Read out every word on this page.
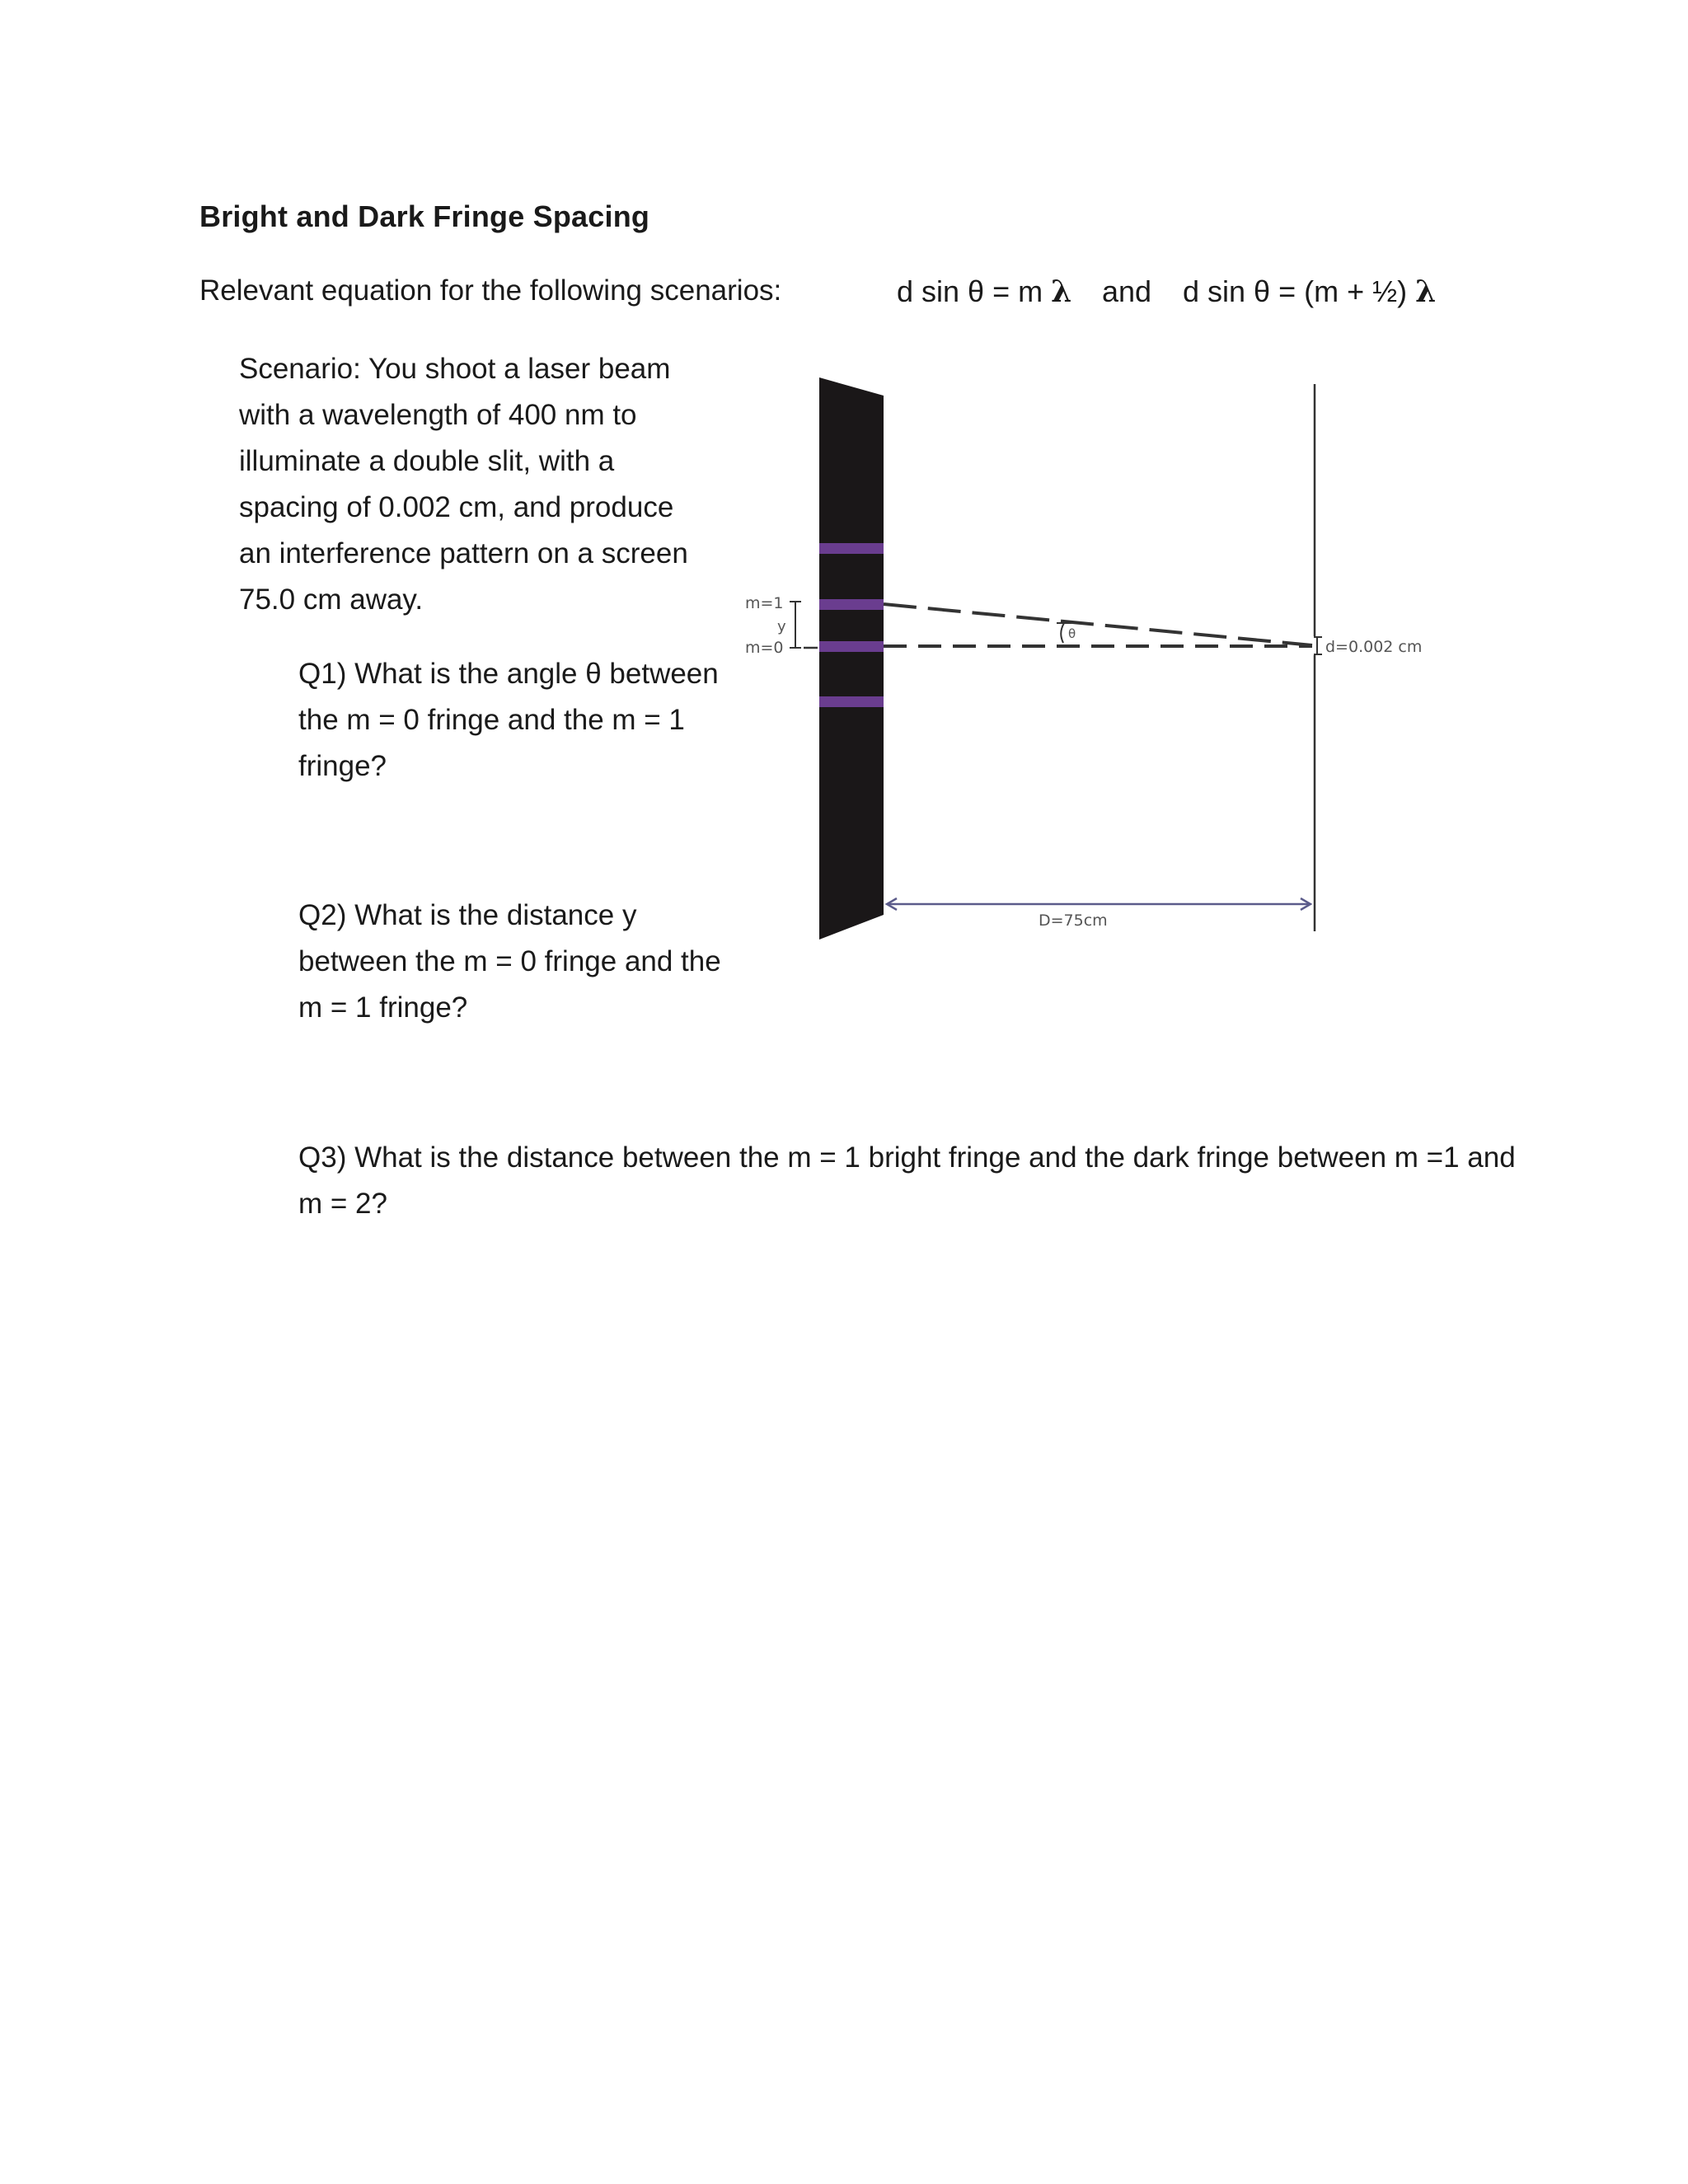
Bright and Dark Fringe Spacing
Relevant equation for the following scenarios:	d sin θ = m λ and d sin θ = (m + ½) λ
Scenario: You shoot a laser beam with a wavelength of 400 nm to illuminate a double slit, with a spacing of 0.002 cm, and produce an interference pattern on a screen 75.0 cm away.
Q1) What is the angle θ between the m = 0 fringe and the m = 1 fringe?
Q2) What is the distance y between the m = 0 fringe and the m = 1 fringe?
Q3) What is the distance between the m = 1 bright fringe and the dark fringe between m =1 and m = 2?
m=1
m=0
y	θ
d=0.002 cm
D=75cm
